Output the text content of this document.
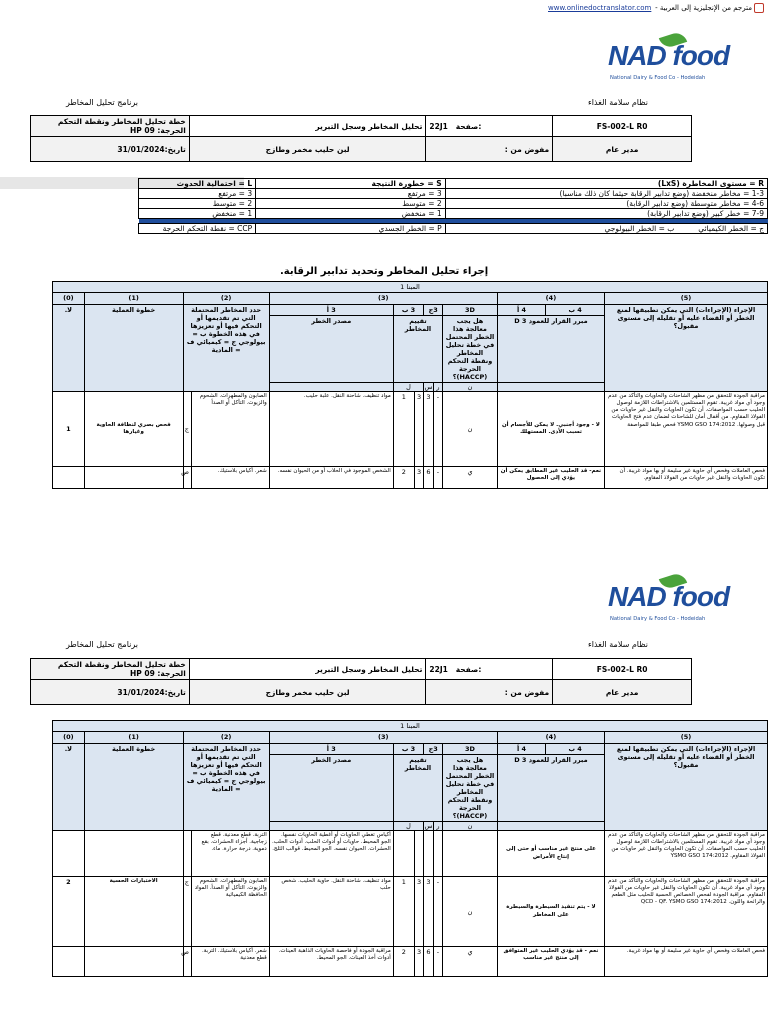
www.onlinedoctranslator.com مترجم من الإنجليزية إلى العربية -
NAD food
National Dairy & Food Co - Hodeidah
برنامج تحليل المخاطر	نظام سلامة الغذاء
خطة تحليل المخاطر ونقطة التحكم الحرجة: HP 09	تحليل المخاطر وسجل التبرير	22J1 صفحة:	FS-002-L R0
تاريخ:31/01/2024	لبن حليب مخمر وطازج	مفوض من :	مدير عام
R = مستوى المخاطرة (LxS)	S = خطورة النتيجة	L = احتمالية الحدوث
1-3 = مخاطر منخفضة (وضع تدابير الرقابة حيثما كان ذلك مناسبا)	3 = مرتفع	3 = مرتفع
4-6 = مخاطر متوسطة (وضع تدابير الرقابة)	2 = متوسط	2 = متوسط
7-9 = خطر كبير (وضع تدابير الرقابة)	1 = منخفض	1 = منخفض

ج = الخطر الكيميائي          ب = الخطر البيولوجي	P = الخطر الجسدي	CCP = نقطة التحكم الحرجة
إجراء تحليل المخاطر وتحديد تدابير الرقابة.
المبنا 1												
(5)	(4)		(3)						(2)		(1)	(0)
الإجراء (الإجراءات) التي يمكن تطبيقها لمنع الخطر أو القضاء عليه أو تقليله إلى مستوى مقبول؟	4 ب	4 أ	3D	3ج		3 ب		3 أ	حدد المخاطر المحتملة التي تم تقديمها أو التحكم فيها أو تعزيزها في هذه الخطوة ب = بيولوجي ج = كيميائي ف = المادية		خطوة العملية	لا.
	مبرر القرار للعمود 3 D		هل يجب معالجة هذا الخطر المحتمل في خطة تحليل المخاطر ونقطة التحكم الحرجة (HACCP)؟	تقييم المخاطر				مصدر الخطر				
			ن	ر	س	ل						
مراقبة الجودة للتحقق من مظهر الشاحنات والحاويات والتأكد من عدم وجود أي مواد غريبة. تقوم المستلمين بالاشتراطات اللازمة لوصول الحليب حسب المواصفات. أن تكون الحاويات والنقل غير حاويات من الفولاذ المقاوم. من أقفال أمان للشاحنات لضمان عدم فتح الحاويات قبل وصولها. YSMO GSO 174:2012 فحص طبقا للمواصفة	لا - وجود أجنبي. لا يمكن للأجسام أن تسبب الأذى. المستهلك		ن	-	3	3	1	مواد تنظيف. شاحنة النقل. علبة حليب.	الصابون والمطهرات. الشحوم والزيوت. التآكل أو الصدأ	ج	فحص بصري لنظافة الحاوية وغيارها	1
فحص العاملات وفحص أي حاوية غير سليمة أو بها مواد غريبة. أن تكون الحاويات والنقل غير حاويات من الفولاذ المقاوم.	نعم- قد الحليب غير المطابق يمكن أن يؤدي إلى الحصول		ي	-	6	3	2	الشخص الموجود في الحلاب أو من الحيوان نفسه.	شعر. أكياس بلاستيك.	ص		
NAD food
National Dairy & Food Co - Hodeidah
برنامج تحليل المخاطر	نظام سلامة الغذاء
خطة تحليل المخاطر ونقطة التحكم الحرجة: HP 09	تحليل المخاطر وسجل التبرير	22J1 صفحة:	FS-002-L R0
تاريخ:31/01/2024	لبن حليب مخمر وطازج	مفوض من :	مدير عام
المبنا 1												
(5)	(4)		(3)						(2)		(1)	(0)
الإجراء (الإجراءات) التي يمكن تطبيقها لمنع الخطر أو القضاء عليه أو تقليله إلى مستوى مقبول؟	4 ب	4 أ	3D	3ج		3 ب		3 أ	حدد المخاطر المحتملة التي تم تقديمها أو التحكم فيها أو تعزيزها في هذه الخطوة ب = بيولوجي ج = كيميائي ف = المادية		خطوة العملية	لا.
	مبرر القرار للعمود 3 D		هل يجب معالجة هذا الخطر المحتمل في خطة تحليل المخاطر ونقطة التحكم الحرجة (HACCP)؟	تقييم المخاطر				مصدر الخطر				
			ن	ر	س	ل						
مراقبة الجودة للتحقق من مظهر الشاحنات والحاويات والتأكد من عدم وجود أي مواد غريبة. تقوم المستلمين بالاشتراطات اللازمة لوصول الحليب حسب المواصفات. أن تكون الحاويات والنقل غير حاويات من الفولاذ المقاوم. YSMO GSO 174:2012	على منتج غير مناسب أو حتى إلى إنتاج الأمراض							أكياس تغطي الحاويات أو أغطية الحاويات نفسها. الجو المحيط. حاويات أو أدوات الحلب. أدوات الحلب. الحشرات. الحيوان نفسه. الجو المحيط. قوالب الثلج.	التربة. قطع معدنية. قطع زجاجية. أجزاء الحشرات. بقع دموية. درجة حرارة. ماء.			
مراقبة الجودة للتحقق من مظهر الشاحنات والحاويات والتأكد من عدم وجود أي مواد غريبة. أن تكون الحاويات والنقل غير حاويات من الفولاذ المقاوم. مراقبة الجودة لفحص الخصائص الحسية للحليب مثل الطعم والرائحة واللون. QCD - QF. YSMO GSO 174:2012	لا - يتم تنفيذ السيطرة والسيطرة على المخاطر		ن	-	3	3	1	مواد تنظيف. شاحنة النقل. حاوية الحليب. شخص حلب	الصابون والمطهرات. الشحوم والزيوت. التآكل أو الصدأ. المواد الحافظة الكيميائية	ج	الاختبارات الحسية	2
فحص العاملات وفحص أي حاوية غير سليمة أو بها مواد غريبة.	نعم - قد يؤدي الحليب غير المتوافق إلى منتج غير مناسب		ي	-	6	3	2	مراقبة الجودة أو فاحصة الحاويات الذاهبة العينات. أدوات أخذ العينات. الجو المحيط.	شعر. أكياس بلاستيك. التربة. قطع معدنية	ص		
